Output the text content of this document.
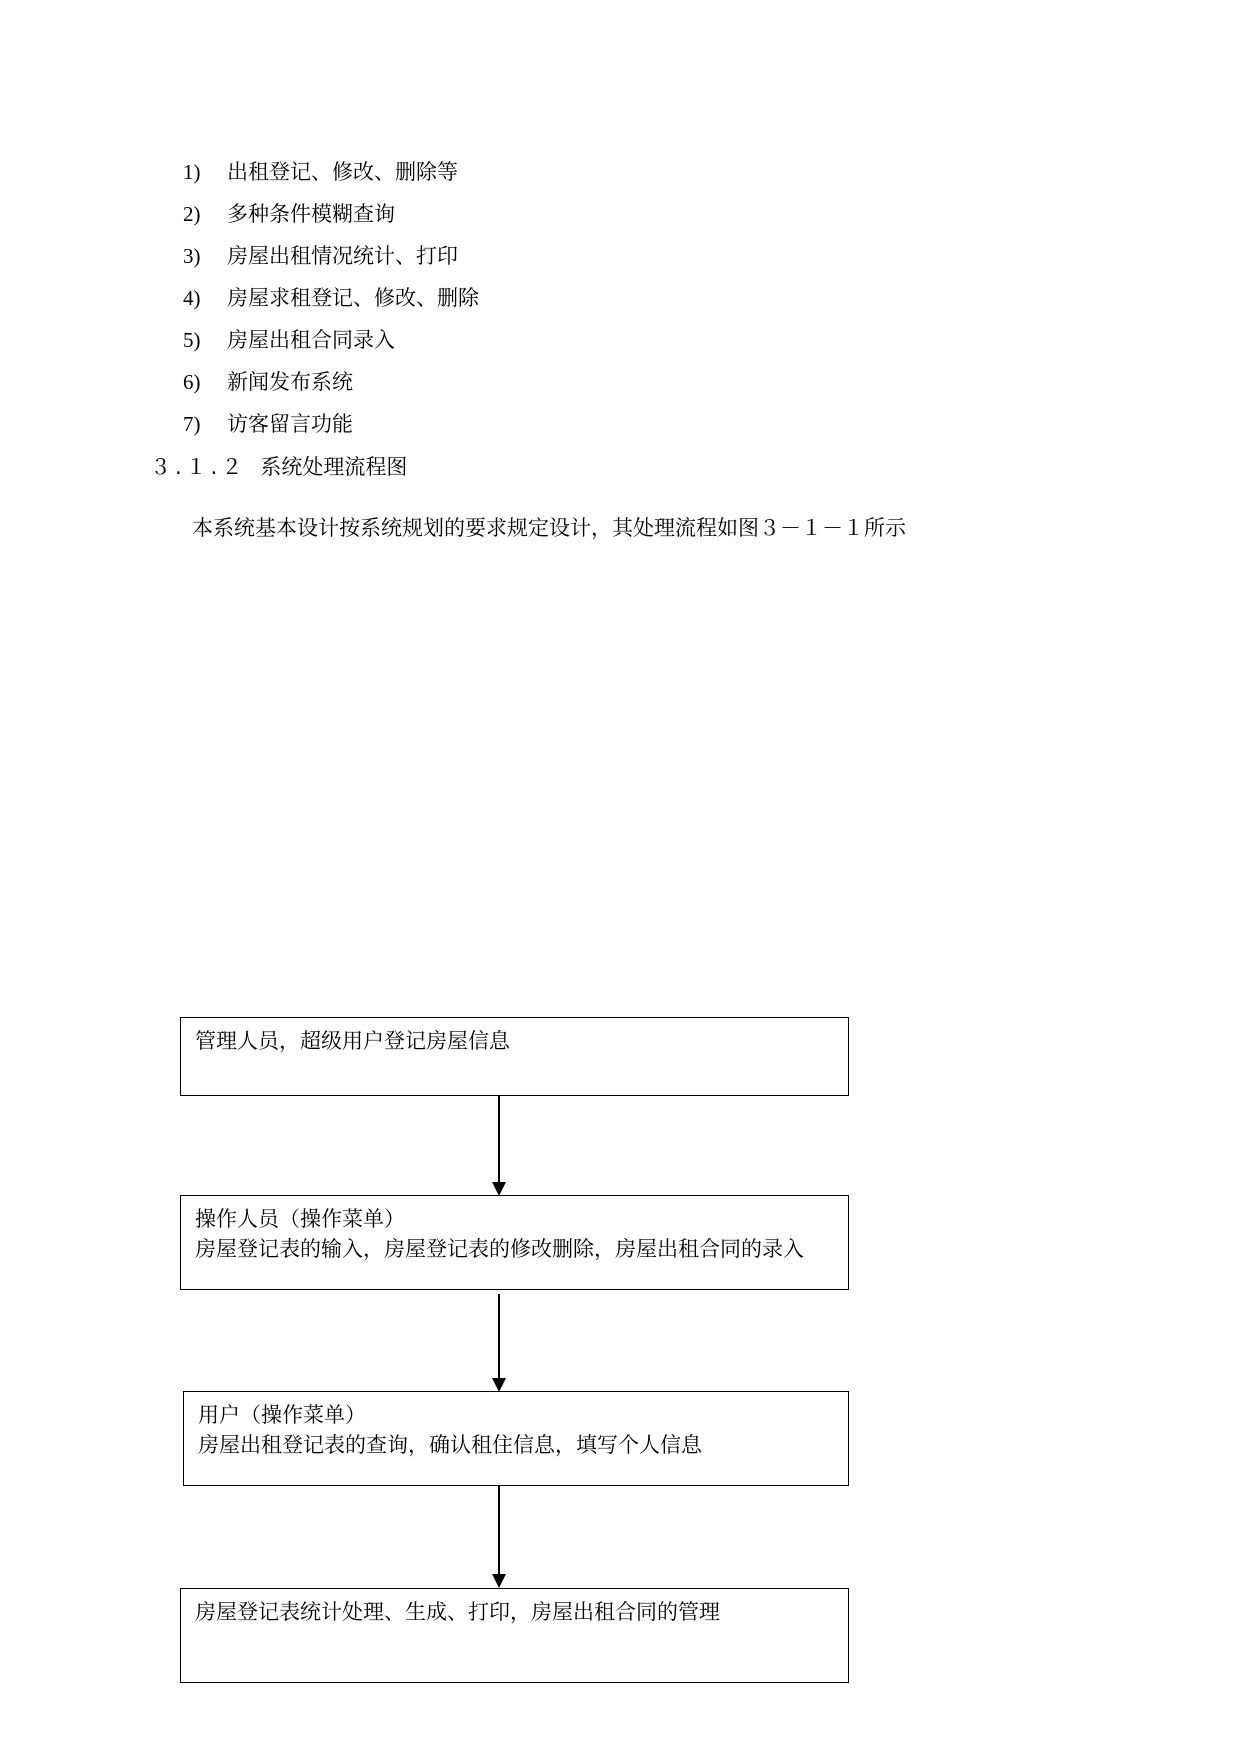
1)	出租登记、修改、删除等
2)	多种条件模糊查询
3)	房屋出租情况统计、打印
4)	房屋求租登记、修改、删除
5)	房屋出租合同录入
6)	新闻发布系统
7)	访客留言功能
３.１.２ 系统处理流程图
本系统基本设计按系统规划的要求规定设计，其处理流程如图３－１－１所示
管理人员，超级用户登记房屋信息
操作人员（操作菜单）
房屋登记表的输入，房屋登记表的修改删除，房屋出租合同的录入
用户（操作菜单）
房屋出租登记表的查询，确认租住信息，填写个人信息
房屋登记表统计处理、生成、打印，房屋出租合同的管理
